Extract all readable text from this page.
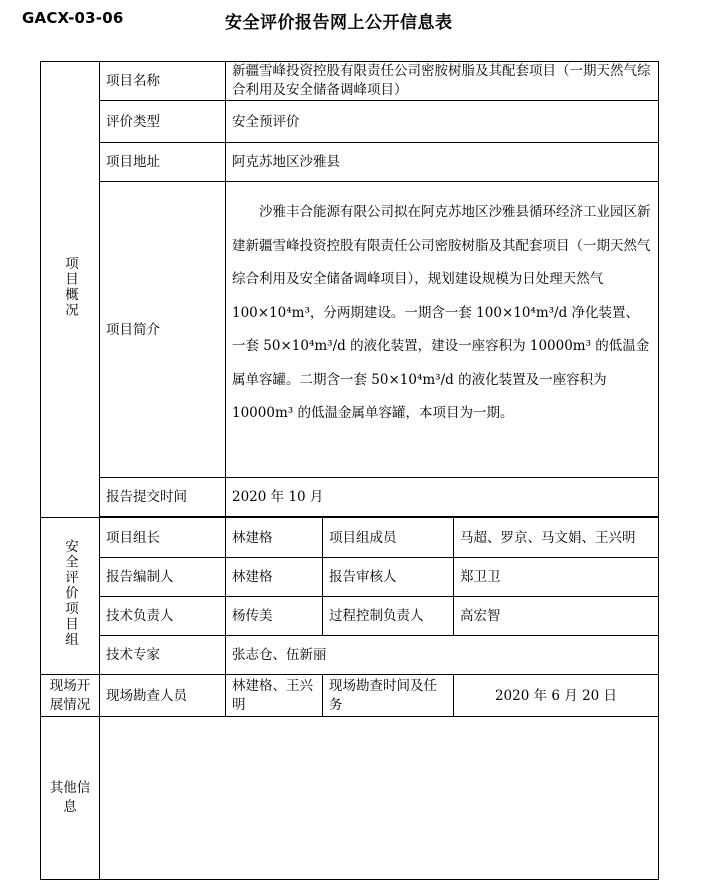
GACX-03-06	安全评价报告网上公开信息表
项目概况	项目名称	新疆雪峰投资控股有限责任公司密胺树脂及其配套项目（一期天然气综合利用及安全储备调峰项目）		
	评价类型	安全预评价		
	项目地址	阿克苏地区沙雅县		
	项目简介	沙雅丰合能源有限公司拟在阿克苏地区沙雅县循环经济工业园区新建新疆雪峰投资控股有限责任公司密胺树脂及其配套项目（一期天然气综合利用及安全储备调峰项目），规划建设规模为日处理天然气 100×10⁴m³，分两期建设。一期含一套 100×10⁴m³/d 净化装置、一套 50×10⁴m³/d 的液化装置，建设一座容积为 10000m³ 的低温金属单容罐。二期含一套 50×10⁴m³/d 的液化装置及一座容积为 10000m³ 的低温金属单容罐，本项目为一期。		
	报告提交时间	2020 年 10 月		

安全评价项目组	项目组长	林建格	项目组成员	马超、罗京、马文娟、王兴明
	报告编制人	林建格	报告审核人	郑卫卫
	技术负责人	杨传美	过程控制负责人	高宏智
	技术专家	张志仓、伍新丽		
现场开展情况	现场勘查人员	林建格、王兴明	现场勘查时间及任务	2020 年 6 月 20 日
其他信息				
